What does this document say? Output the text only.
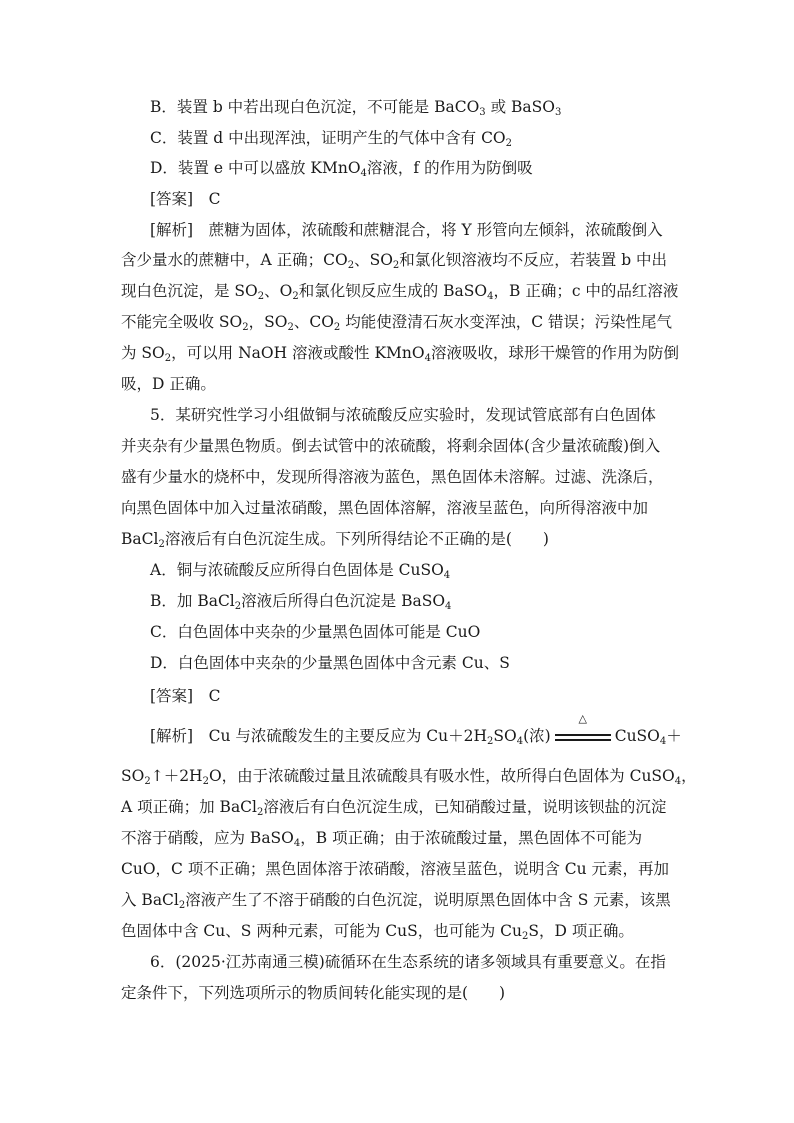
B．装置 b 中若出现白色沉淀，不可能是 BaCO$_3$ 或 BaSO$_3$
C．装置 d 中出现浑浊，证明产生的气体中含有 $CO_2$
D．装置 e 中可以盛放 KMnO$_4$溶液，f 的作用为防倒吸
[答案]　C
[解析]　蔗糖为固体，浓硫酸和蔗糖混合，将 Y 形管向左倾斜，浓硫酸倒入
含少量水的蔗糖中，A 正确；$CO_2$、$SO_2$和氯化钡溶液均不反应，若装置 b 中出
现白色沉淀，是 $SO_2$、$O_2$和氯化钡反应生成的 BaSO$_4$，B 正确；c 中的品红溶液
不能完全吸收 $SO_2$，$SO_2$、$CO_2$ 均能使澄清石灰水变浑浊，C 错误；污染性尾气
为 $SO_2$，可以用 NaOH 溶液或酸性 KMnO$_4$溶液吸收，球形干燥管的作用为防倒
吸，D 正确。
5．某研究性学习小组做铜与浓硫酸反应实验时，发现试管底部有白色固体
并夹杂有少量黑色物质。倒去试管中的浓硫酸，将剩余固体(含少量浓硫酸)倒入
盛有少量水的烧杯中，发现所得溶液为蓝色，黑色固体未溶解。过滤、洗涤后，
向黑色固体中加入过量浓硝酸，黑色固体溶解，溶液呈蓝色，向所得溶液中加
BaCl$_2$溶液后有白色沉淀生成。下列所得结论不正确的是(　　)
A．铜与浓硫酸反应所得白色固体是 CuSO$_4$
B．加 BaCl$_2$溶液后所得白色沉淀是 BaSO$_4$
C．白色固体中夹杂的少量黑色固体可能是 CuO
D．白色固体中夹杂的少量黑色固体中含元素 Cu、S
[答案]　C
[解析]　Cu 与浓硫酸发生的主要反应为 $Cu+2H_2SO_4$(浓)
△
CuSO$_4$＋
$SO_2↑+2H_2O$，由于浓硫酸过量且浓硫酸具有吸水性，故所得白色固体为 CuSO$_4$，
A 项正确；加 BaCl$_2$溶液后有白色沉淀生成，已知硝酸过量，说明该钡盐的沉淀
不溶于硝酸，应为 BaSO$_4$，B 项正确；由于浓硫酸过量，黑色固体不可能为
CuO，C 项不正确；黑色固体溶于浓硝酸，溶液呈蓝色，说明含 Cu 元素，再加
入 BaCl$_2$溶液产生了不溶于硝酸的白色沉淀，说明原黑色固体中含 S 元素，该黑
色固体中含 Cu、S 两种元素，可能为 CuS，也可能为 $Cu_2S$，D 项正确。
6．(2025·江苏南通三模)硫循环在生态系统的诸多领域具有重要意义。在指
定条件下，下列选项所示的物质间转化能实现的是(　　)
